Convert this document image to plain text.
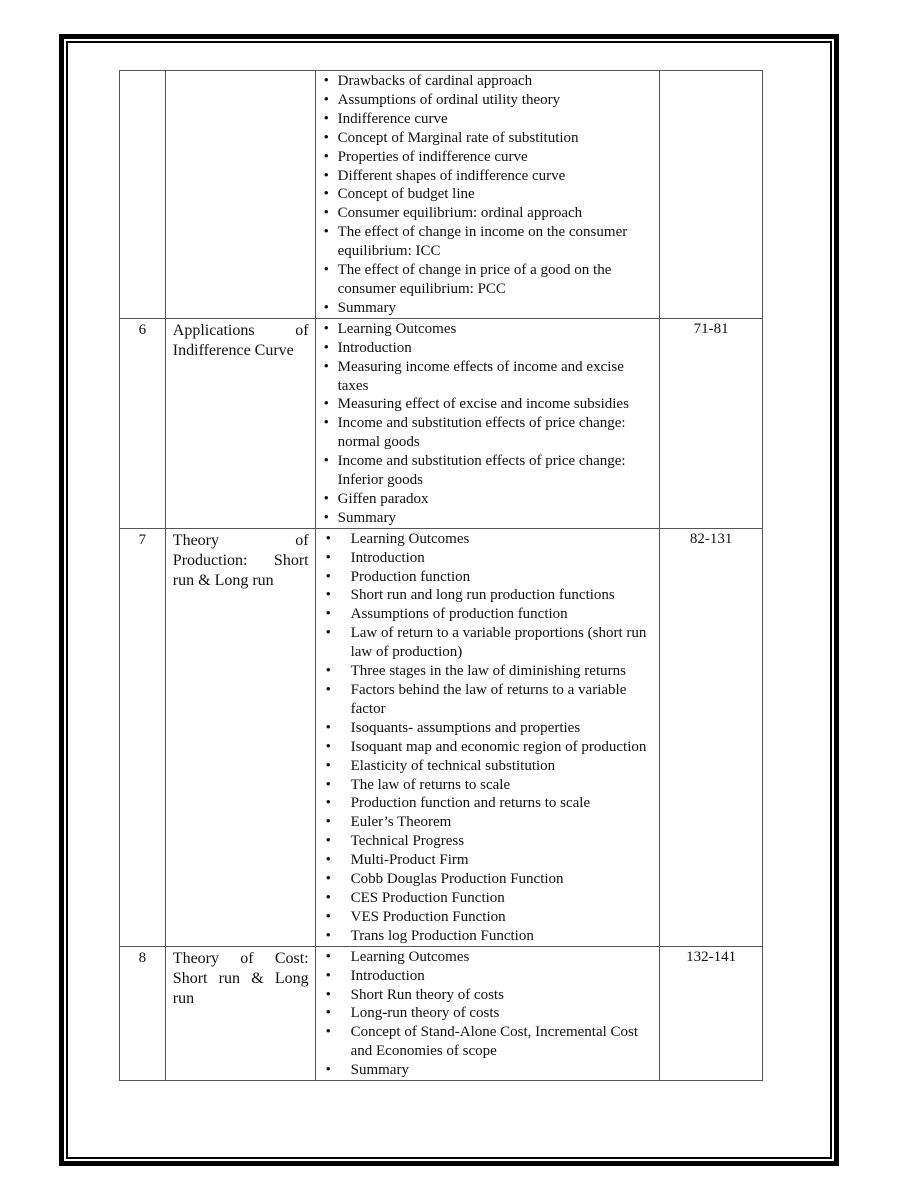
• Drawbacks of cardinal approach
• Assumptions of ordinal utility theory
• Indifference curve
• Concept of Marginal rate of substitution
• Properties of indifference curve
• Different shapes of indifference curve
• Concept of budget line
• Consumer equilibrium: ordinal approach
• The effect of change in income on the consumer equilibrium: ICC
• The effect of change in price of a good on the consumer equilibrium: PCC
• Summary

6	Applications of Indifference Curve

• Learning Outcomes
• Introduction
• Measuring income effects of income and excise taxes
• Measuring effect of excise and income subsidies
• Income and substitution effects of price change: normal goods
• Income and substitution effects of price change: Inferior goods
• Giffen paradox
• Summary
	71-81
7	Theory of Production: Short run & Long run

• Learning Outcomes
• Introduction
• Production function
• Short run and long run production functions
• Assumptions of production function
• Law of return to a variable proportions (short run law of production)
• Three stages in the law of diminishing returns
• Factors behind the law of returns to a variable factor
• Isoquants- assumptions and properties
• Isoquant map and economic region of production
• Elasticity of technical substitution
• The law of returns to scale
• Production function and returns to scale
• Euler’s Theorem
• Technical Progress
• Multi-Product Firm
• Cobb Douglas Production Function
• CES Production Function
• VES Production Function
• Trans log Production Function
	82-131
8	Theory of Cost: Short run & Long run

• Learning Outcomes
• Introduction
• Short Run theory of costs
• Long-run theory of costs
• Concept of Stand-Alone Cost, Incremental Cost and Economies of scope
• Summary
	132-141
